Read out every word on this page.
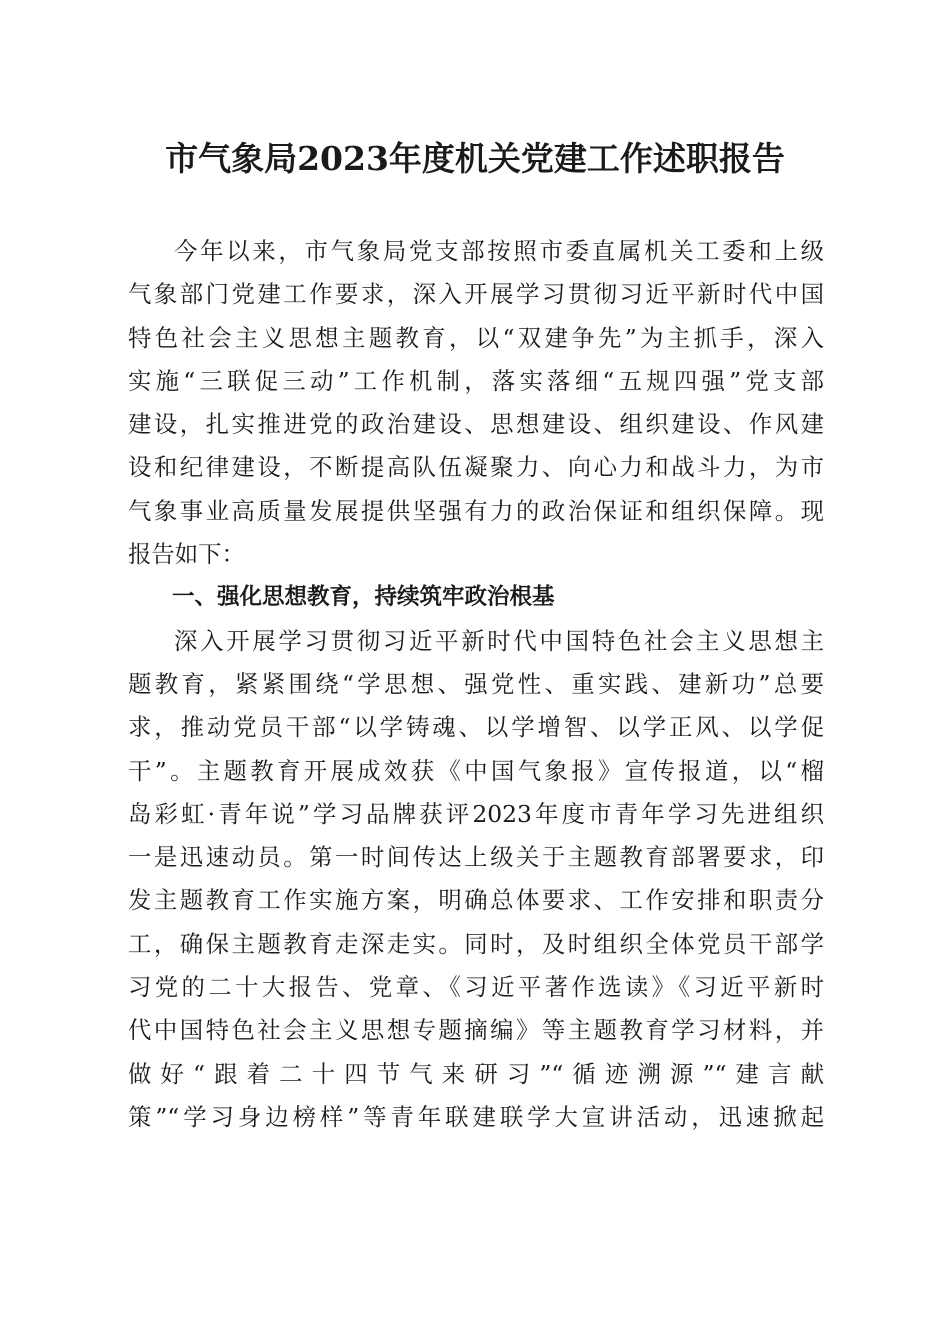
市气象局2023年度机关党建工作述职报告
今年以来，市气象局党支部按照市委直属机关工委和上级
气象部门党建工作要求，深入开展学习贯彻习近平新时代中国
特色社会主义思想主题教育，以“双建争先”为主抓手，深入
实施“三联促三动”工作机制，落实落细“五规四强”党支部
建设，扎实推进党的政治建设、思想建设、组织建设、作风建
设和纪律建设，不断提高队伍凝聚力、向心力和战斗力，为市
气象事业高质量发展提供坚强有力的政治保证和组织保障。现
报告如下：
一、强化思想教育，持续筑牢政治根基
深入开展学习贯彻习近平新时代中国特色社会主义思想主
题教育，紧紧围绕“学思想、强党性、重实践、建新功”总要
求，推动党员干部“以学铸魂、以学增智、以学正风、以学促
干”。主题教育开展成效获《中国气象报》宣传报道，以“榴
岛彩虹·青年说”学习品牌获评2023年度市青年学习先进组织
一是迅速动员。第一时间传达上级关于主题教育部署要求，印
发主题教育工作实施方案，明确总体要求、工作安排和职责分
工，确保主题教育走深走实。同时，及时组织全体党员干部学
习党的二十大报告、党章、《习近平著作选读》《习近平新时
代中国特色社会主义思想专题摘编》等主题教育学习材料，并
做好“跟着二十四节气来研习”“循迹溯源”“建言献
策”“学习身边榜样”等青年联建联学大宣讲活动，迅速掀起
